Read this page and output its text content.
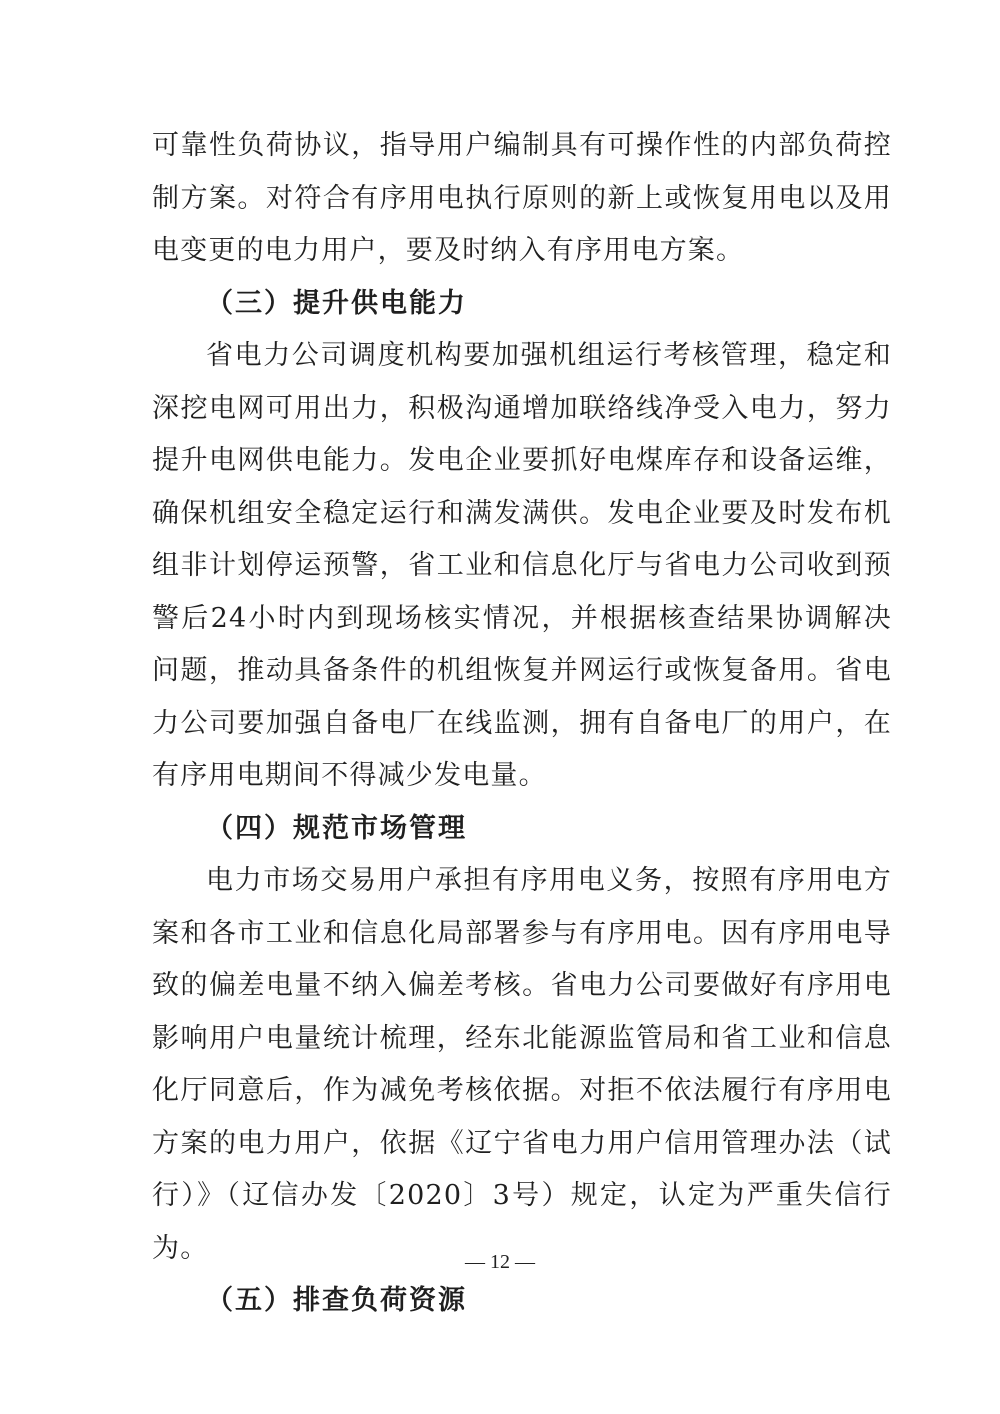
可靠性负荷协议，指导用户编制具有可操作性的内部负荷控制方案。对符合有序用电执行原则的新上或恢复用电以及用电变更的电力用户，要及时纳入有序用电方案。

（三）提升供电能力

省电力公司调度机构要加强机组运行考核管理，稳定和深挖电网可用出力，积极沟通增加联络线净受入电力，努力提升电网供电能力。发电企业要抓好电煤库存和设备运维，确保机组安全稳定运行和满发满供。发电企业要及时发布机组非计划停运预警，省工业和信息化厅与省电力公司收到预警后24小时内到现场核实情况，并根据核查结果协调解决问题，推动具备条件的机组恢复并网运行或恢复备用。省电力公司要加强自备电厂在线监测，拥有自备电厂的用户，在有序用电期间不得减少发电量。

（四）规范市场管理

电力市场交易用户承担有序用电义务，按照有序用电方案和各市工业和信息化局部署参与有序用电。因有序用电导致的偏差电量不纳入偏差考核。省电力公司要做好有序用电影响用户电量统计梳理，经东北能源监管局和省工业和信息化厅同意后，作为减免考核依据。对拒不依法履行有序用电方案的电力用户，依据《辽宁省电力用户信用管理办法（试行）》（辽信办发〔2020〕3号）规定，认定为严重失信行为。

（五）排查负荷资源

— 12 —
